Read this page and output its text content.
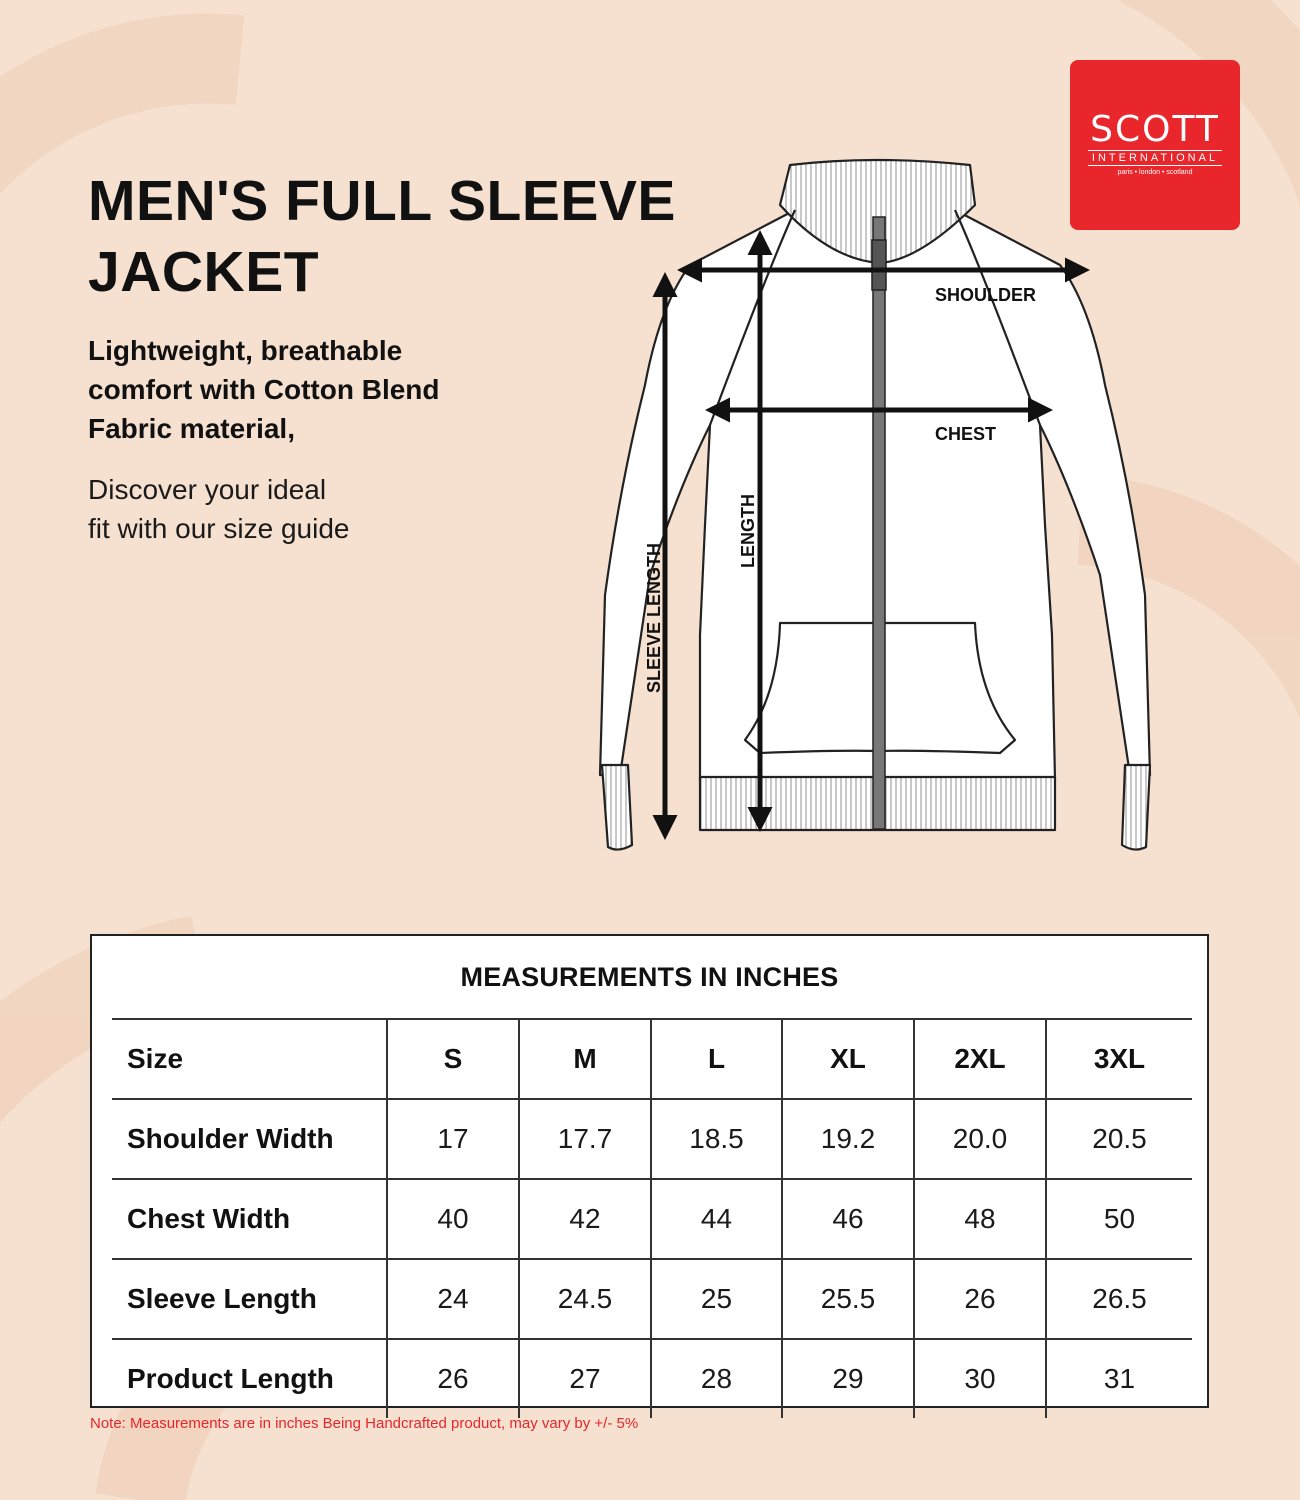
MEN'S FULL SLEEVE
JACKET
Lightweight, breathable
comfort with Cotton Blend
Fabric material,
Discover your ideal
fit with our size guide
SCOTT
INTERNATIONAL
paris • london • scotland
SHOULDER
CHEST
LENGTH
SLEEVE LENGTH
MEASUREMENTS IN INCHES
Size	S	M	L	XL	2XL	3XL
Shoulder Width	17	17.7	18.5	19.2	20.0	20.5
Chest Width	40	42	44	46	48	50
Sleeve Length	24	24.5	25	25.5	26	26.5
Product Length	26	27	28	29	30	31
Note: Measurements are in inches Being Handcrafted product, may vary by +/- 5%
